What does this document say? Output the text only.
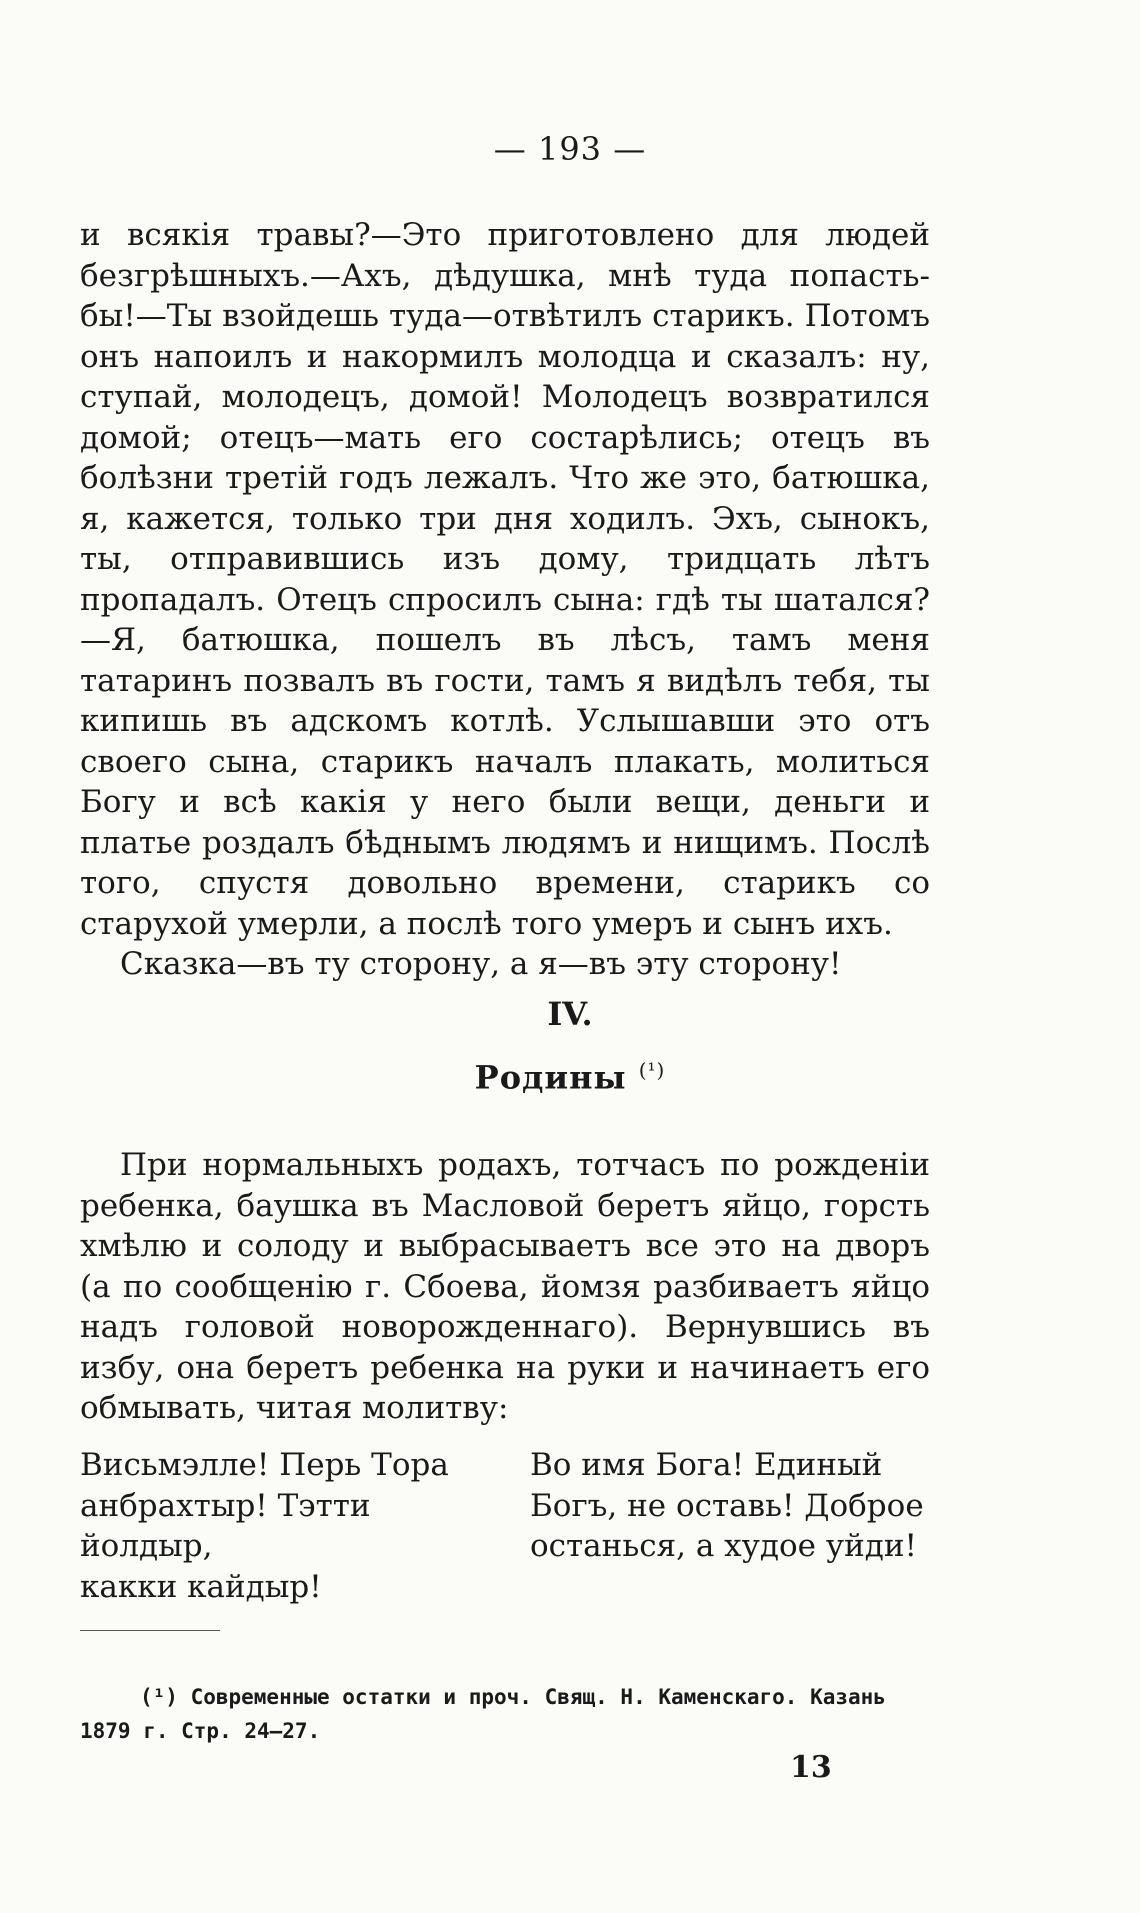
— 193 —

и всякія травы?—Это приготовлено для людей безгрѣшныхъ.—Ахъ, дѣдушка, мнѣ туда попасть-бы!—Ты взойдешь туда—отвѣтилъ старикъ. Потомъ онъ напоилъ и накормилъ молодца и сказалъ: ну, ступай, молодецъ, домой! Молодецъ возвратился домой; отецъ—мать его состарѣлись; отецъ въ болѣзни третій годъ лежалъ. Что же это, батюшка, я, кажется, только три дня ходилъ. Эхъ, сынокъ, ты, отправившись изъ дому, тридцать лѣтъ пропадалъ. Отецъ спросилъ сына: гдѣ ты шатался?—Я, батюшка, пошелъ въ лѣсъ, тамъ меня татаринъ позвалъ въ гости, тамъ я видѣлъ тебя, ты кипишь въ адскомъ котлѣ. Услышавши это отъ своего сына, старикъ началъ плакать, молиться Богу и всѣ какія у него были вещи, деньги и платье роздалъ бѣднымъ людямъ и нищимъ. Послѣ того, спустя довольно времени, старикъ со старухой умерли, а послѣ того умеръ и сынъ ихъ.

Сказка—въ ту сторону, а я—въ эту сторону!

IV.
Родины $^{(^1)}$

При нормальныхъ родахъ, тотчасъ по рожденіи ребенка, баушка въ Масловой беретъ яйцо, горсть хмѣлю и солоду и выбрасываетъ все это на дворъ (а по сообщенію г. Сбоева, йомзя разбиваетъ яйцо надъ головой новорожденнаго). Вернувшись въ избу, она беретъ ребенка на руки и начинаетъ его обмывать, читая молитву:

Висьмэлле! Перь Тора
анбрахтыр! Тэтти йолдыр,
какки кайдыр!
Во имя Бога! Единый
Богъ, не оставь! Доброе
останься, а худое уйди!
(¹) Современные остатки и проч. Свящ. Н. Каменскаго. Казань 1879 г. Стр. 24—27.
13
